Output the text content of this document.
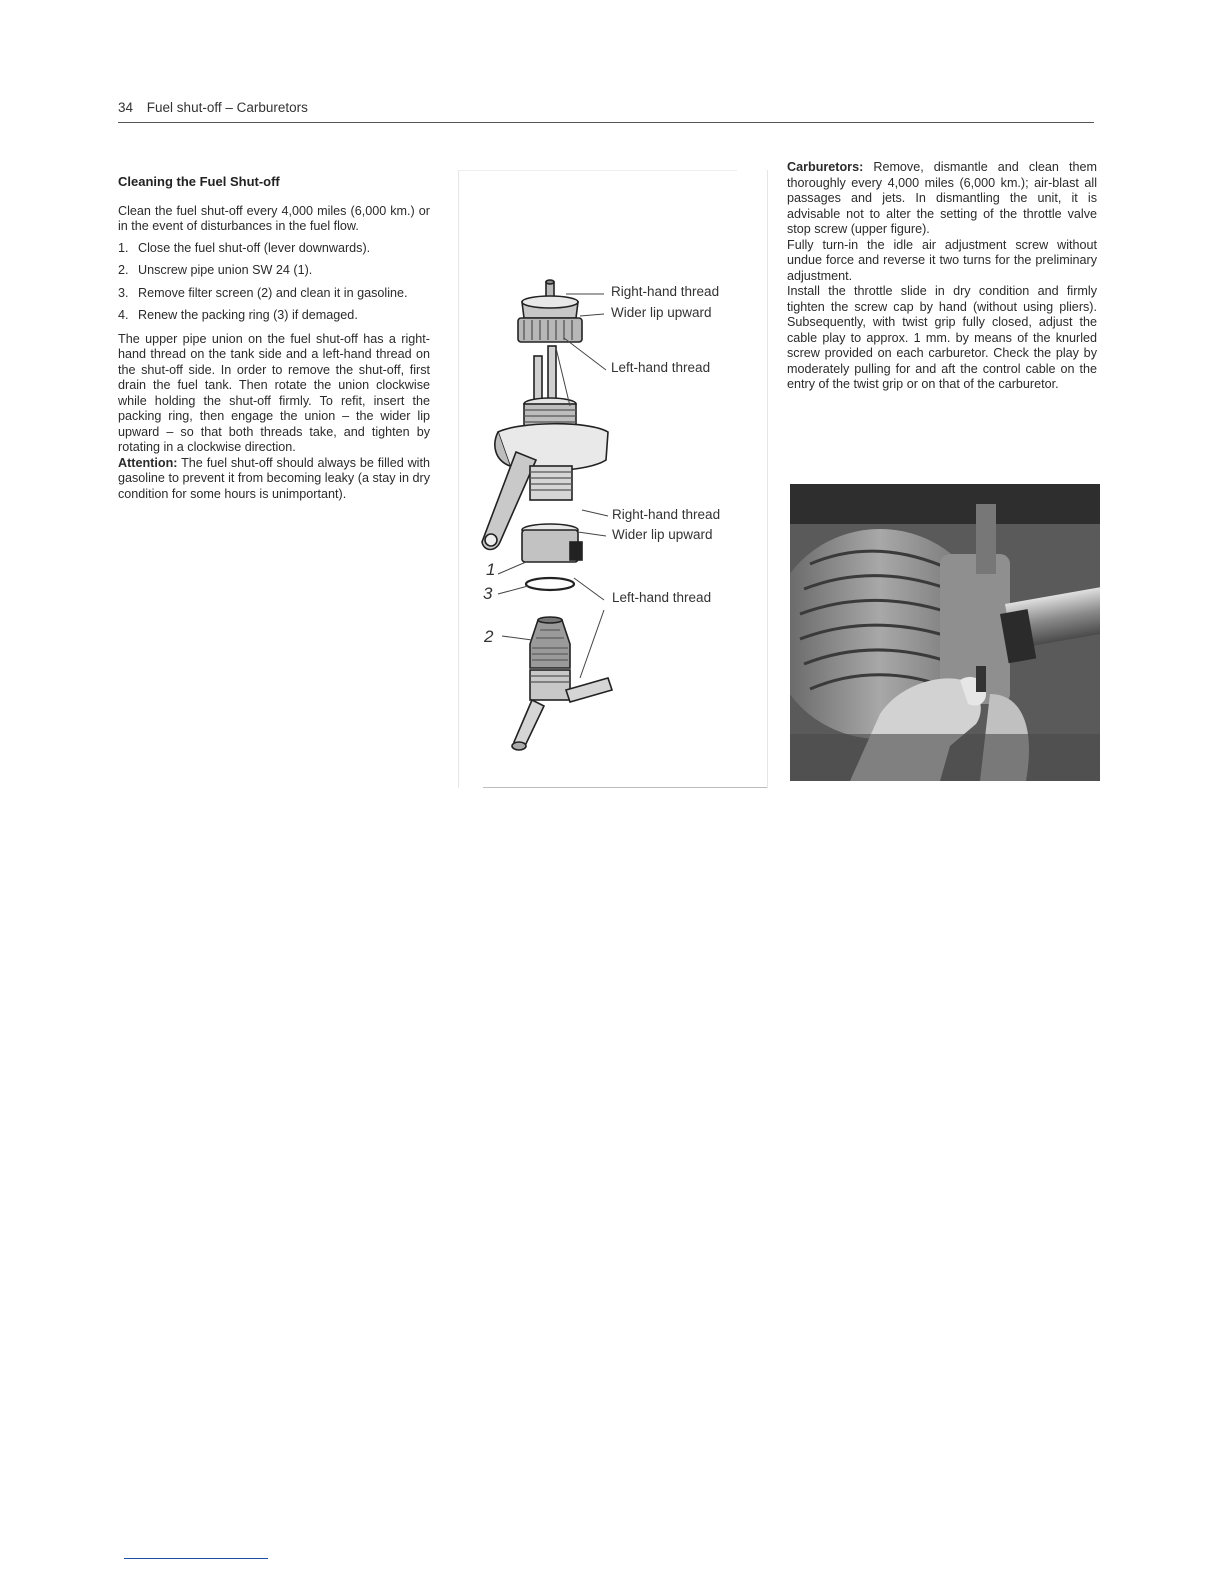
34 Fuel shut-off – Carburetors

Cleaning the Fuel Shut-off

Clean the fuel shut-off every 4,000 miles (6,000 km.) or in the event of disturbances in the fuel flow.

1. Close the fuel shut-off (lever downwards).
2. Unscrew pipe union SW 24 (1).
3. Remove filter screen (2) and clean it in gasoline.
4. Renew the packing ring (3) if demaged.

The upper pipe union on the fuel shut-off has a right-hand thread on the tank side and a left-hand thread on the shut-off side. In order to remove the shut-off, first drain the fuel tank. Then rotate the union clockwise while holding the shut-off firmly. To refit, insert the packing ring, then engage the union – the wider lip upward – so that both threads take, and tighten by rotating in a clockwise direction.

Attention: The fuel shut-off should always be filled with gasoline to prevent it from becoming leaky (a stay in dry condition for some hours is unimportant).

Right-hand thread
Wider lip upward
Left-hand thread
Right-hand thread
Wider lip upward
Left-hand thread
1
3
2

Carburetors: Remove, dismantle and clean them thoroughly every 4,000 miles (6,000 km.); air-blast all passages and jets. In dismantling the unit, it is advisable not to alter the setting of the throttle valve stop screw (upper figure).

Fully turn-in the idle air adjustment screw without undue force and reverse it two turns for the preliminary adjustment.

Install the throttle slide in dry condition and firmly tighten the screw cap by hand (without using pliers). Subsequently, with twist grip fully closed, adjust the cable play to approx. 1 mm. by means of the knurled screw provided on each carburetor. Check the play by moderately pulling for and aft the control cable on the entry of the twist grip or on that of the carburetor.
